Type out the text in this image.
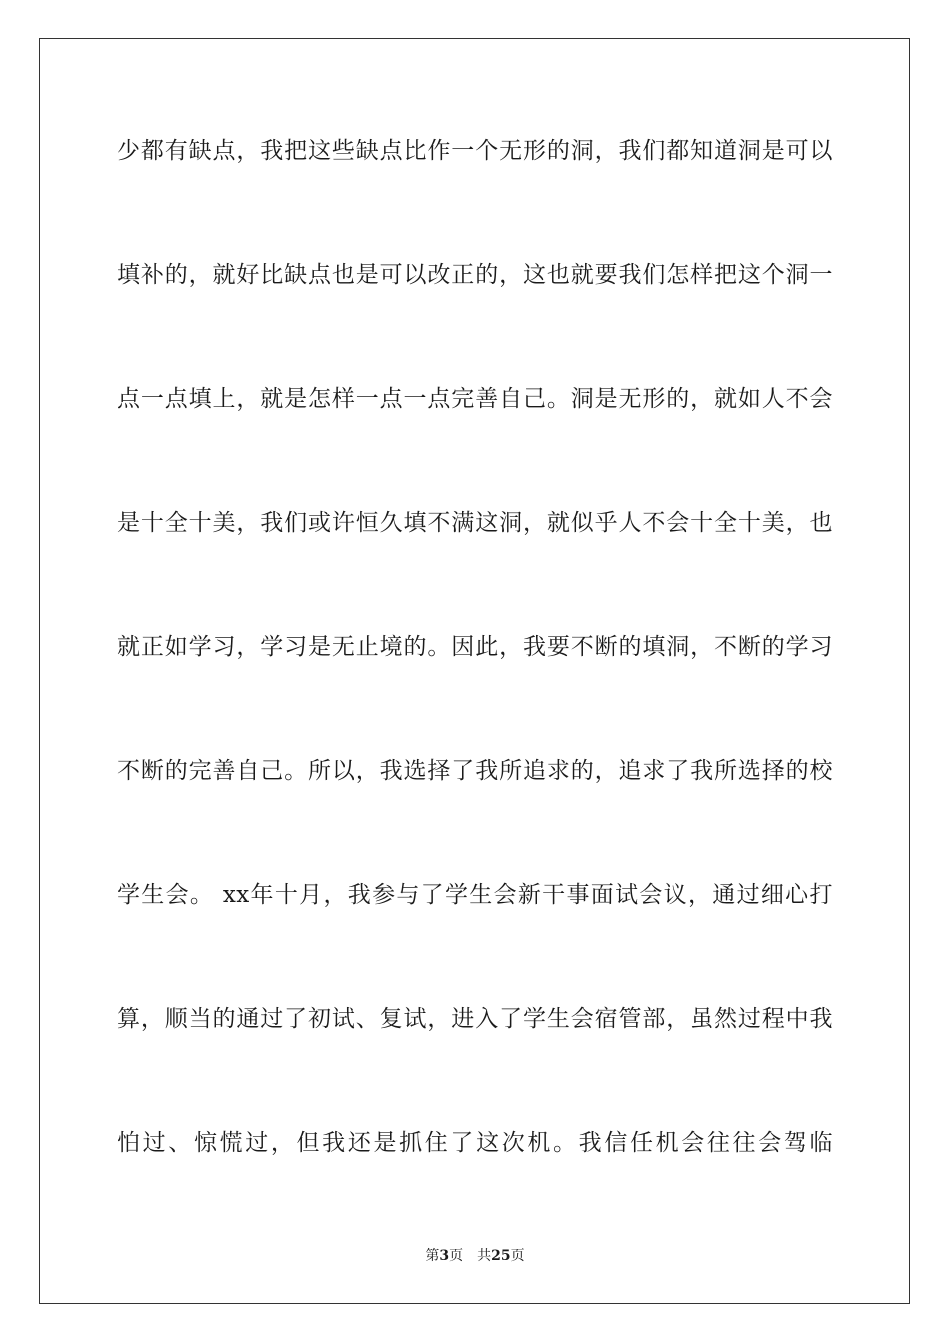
少都有缺点，我把这些缺点比作一个无形的洞，我们都知道洞是可以
填补的，就好比缺点也是可以改正的，这也就要我们怎样把这个洞一
点一点填上，就是怎样一点一点完善自己。洞是无形的，就如人不会
是十全十美，我们或许恒久填不满这洞，就似乎人不会十全十美，也
就正如学习，学习是无止境的。因此，我要不断的填洞，不断的学习
不断的完善自己。所以，我选择了我所追求的，追求了我所选择的校
学生会。 xx年十月，我参与了学生会新干事面试会议，通过细心打
算，顺当的通过了初试、复试，进入了学生会宿管部，虽然过程中我
怕过、惊慌过，但我还是抓住了这次机。我信任机会往往会驾临
第3页 共25页
